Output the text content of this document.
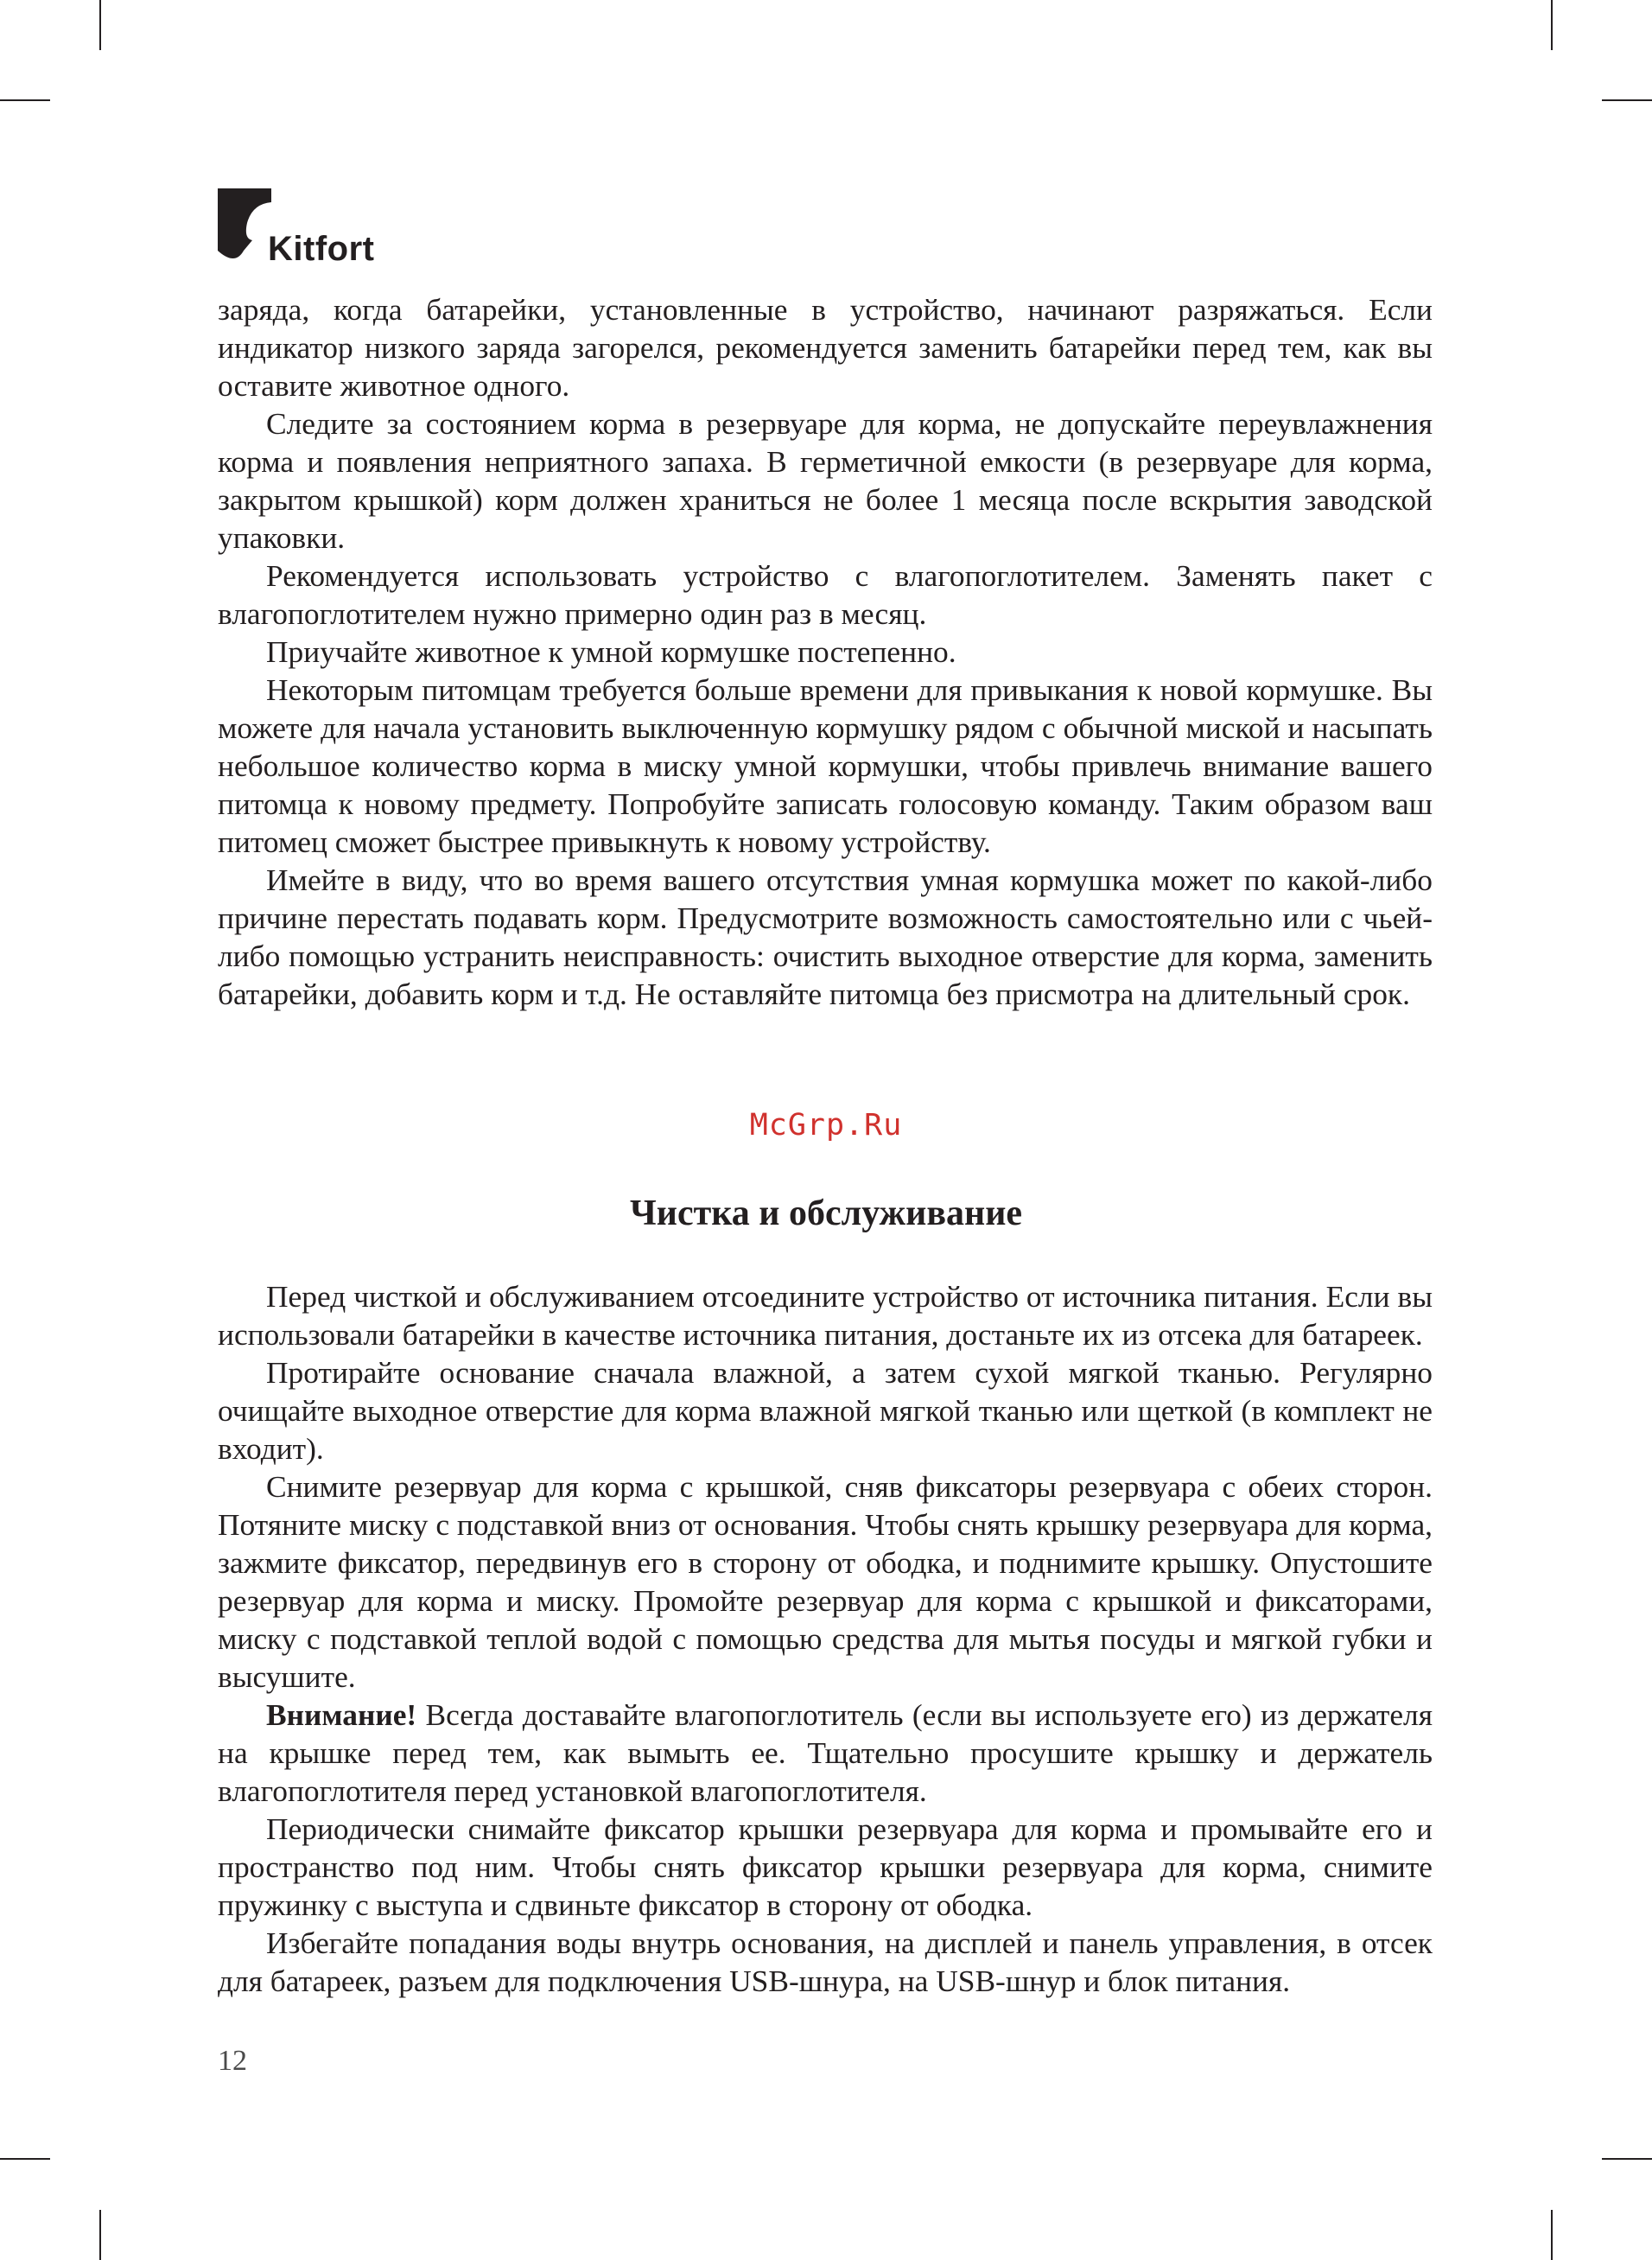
Kitfort

заряда, когда батарейки, установленные в устройство, начинают разряжаться. Если индикатор низкого заряда загорелся, рекомендуется заменить батарейки перед тем, как вы оставите животное одного.

Следите за состоянием корма в резервуаре для корма, не допускайте переувлажнения корма и появления неприятного запаха. В герметичной емкости (в резервуаре для корма, закрытом крышкой) корм должен храниться не более 1 месяца после вскрытия заводской упаковки.

Рекомендуется использовать устройство с влагопоглотителем. Заменять пакет с влагопоглотителем нужно примерно один раз в месяц.

Приучайте животное к умной кормушке постепенно.

Некоторым питомцам требуется больше времени для привыкания к новой кормушке. Вы можете для начала установить выключенную кормушку рядом с обычной миской и насыпать небольшое количество корма в миску умной кормушки, чтобы привлечь внимание вашего питомца к новому предмету. Попробуйте записать голосовую команду. Таким образом ваш питомец сможет быстрее привыкнуть к новому устройству.

Имейте в виду, что во время вашего отсутствия умная кормушка может по какой-либо причине перестать подавать корм. Предусмотрите возможность самостоятельно или с чьей-либо помощью устранить неисправность: очистить выходное отверстие для корма, заменить батарейки, добавить корм и т.д. Не оставляйте питомца без присмотра на длительный срок.

McGrp.Ru
Чистка и обслуживание

Перед чисткой и обслуживанием отсоедините устройство от источника питания. Если вы использовали батарейки в качестве источника питания, достаньте их из отсека для батареек.

Протирайте основание сначала влажной, а затем сухой мягкой тканью. Регулярно очищайте выходное отверстие для корма влажной мягкой тканью или щеткой (в комплект не входит).

Снимите резервуар для корма с крышкой, сняв фиксаторы резервуара с обеих сторон. Потяните миску с подставкой вниз от основания. Чтобы снять крышку резервуара для корма, зажмите фиксатор, передвинув его в сторону от ободка, и поднимите крышку. Опустошите резервуар для корма и миску. Промойте резервуар для корма с крышкой и фиксаторами, миску с подставкой теплой водой с помощью средства для мытья посуды и мягкой губки и высушите.

Внимание! Всегда доставайте влагопоглотитель (если вы используете его) из держателя на крышке перед тем, как вымыть ее. Тщательно просушите крышку и держатель влагопоглотителя перед установкой влагопоглотителя.

Периодически снимайте фиксатор крышки резервуара для корма и промывайте его и пространство под ним. Чтобы снять фиксатор крышки резервуара для корма, снимите пружинку с выступа и сдвиньте фиксатор в сторону от ободка.

Избегайте попадания воды внутрь основания, на дисплей и панель управления, в отсек для батареек, разъем для подключения USB-шнура, на USB-шнур и блок питания.

12
